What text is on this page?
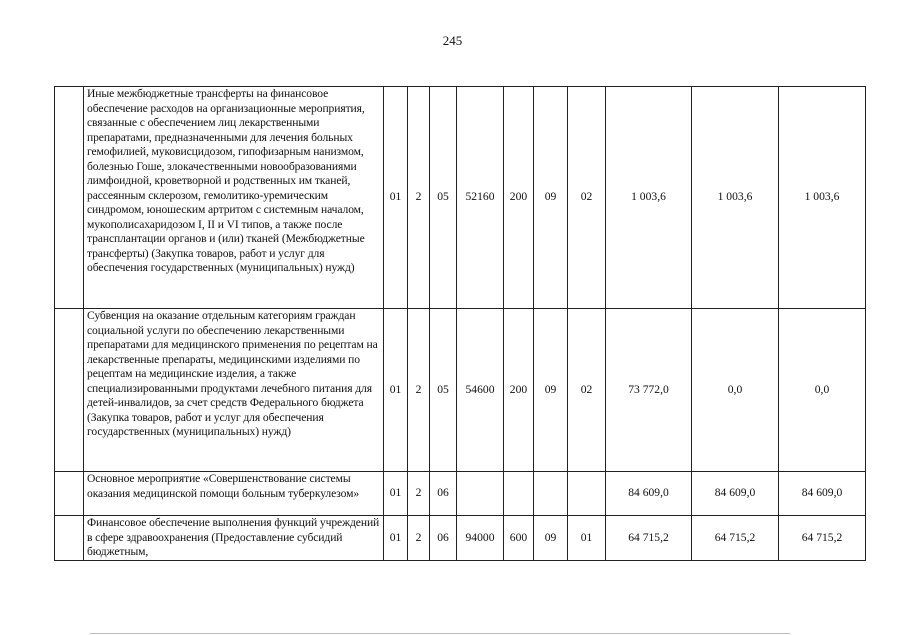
245
	Иные межбюджетные трансферты на финансовое обеспечение расходов на организационные мероприятия, связанные с обеспечением лиц лекарственными препаратами, предназначенными для лечения больных гемофилией, муковисцидозом, гипофизарным нанизмом, болезнью Гоше, злокачественными новообразованиями лимфоидной, кроветворной и родственных им тканей, рассеянным склерозом, гемолитико-уремическим синдромом, юношеским артритом с системным началом, мукополисахаридозом I, II и VI типов, а также после трансплантации органов и (или) тканей (Межбюджетные трансферты) (Закупка товаров, работ и услуг для обеспечения государственных (муниципальных) нужд)	01	2	05	52160	200	09	02	1 003,6	1 003,6	1 003,6
	Субвенция на оказание отдельным категориям граждан социальной услуги по обеспечению лекарственными препаратами для медицинского применения по рецептам на лекарственные препараты, медицинскими изделиями по рецептам на медицинские изделия, а также специализированными продуктами лечебного питания для детей-инвалидов, за счет средств Федерального бюджета (Закупка товаров, работ и услуг для обеспечения государственных (муниципальных) нужд)	01	2	05	54600	200	09	02	73 772,0	0,0	0,0
	Основное мероприятие «Совершенствование системы оказания медицинской помощи больным туберкулезом»	01	2	06					84 609,0	84 609,0	84 609,0
	Финансовое обеспечение выполнения функций учреждений в сфере здравоохранения (Предоставление субсидий бюджетным,	01	2	06	94000	600	09	01	64 715,2	64 715,2	64 715,2
